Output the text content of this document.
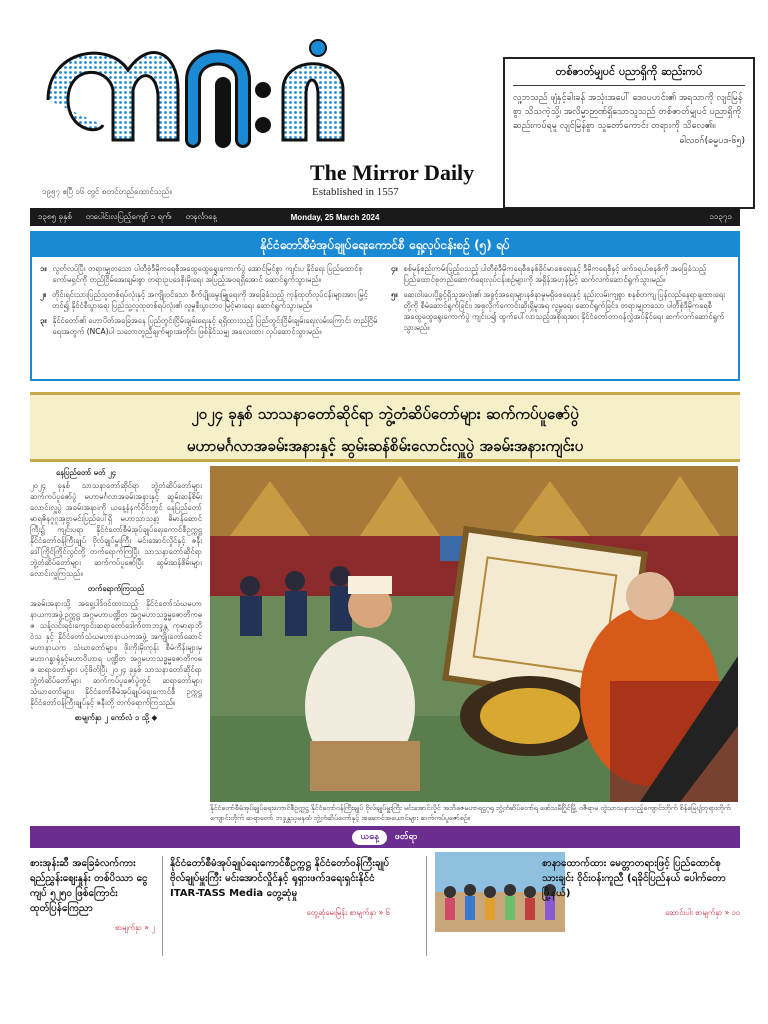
၁၉၅၇ ဧပြီ ၁၆ တွင် စတင်တည်ထောင်သည်။
The Mirror Daily
Established in 1557
တစ်ဇာတ်မျှပင် ပညာရှိကို ဆည်းကပ်
လူ့ဘသည် ဖျံနှင့်ခါးခန် အသုံးအပေါ် ဒေဝပဟင်း၏ အရသာကို လျင်မြန်စွာ သိသကဲ့သို့၊ အလိမ္မာဉာဏ်ရှိသောသူသည် တစ်ဇာတ်မျှပင် ပညာရှိကို ဆည်းကပ်ရမူ လျင်မြန်စွာ သူတော်ကောင်း တရားကို သိလေ၏။
ဓါလဝဂ်(ဓမ္မပဒ-၆၅)
၁၃၈၅ ခုနှစ် တပေါင်းလပြည့်ကျော် ၁ ရက်၊ တနင်္လာနေ့	Monday, 25 March 2024	၁၁၃၇၁
နိုင်ငံတော်စီမံအုပ်ချုပ်ရေးကောင်စီ ရှေ့လုပ်ငန်းစဉ် (၅) ရပ်
၁။ လွတ်လပ်ပြီး တရားမျှတသော ပါတီစုံဒီမိုကရေစီအထွေထွေရွေးကောက်ပွဲ အောင်မြင်စွာ ကျင်းပ နိုင်ရေး ပြည်ထောင်စုကော်မရှင်ကို တည်ငြိမ်အေးချမ်းစွာ တရားဥပဒေစိုးမိုးရေး အပြည့်အဝရရှိအောင် ဆောင်ရွက်သွားမည်။
၂။ တိုင်းရင်းသားပြည်သူတစ်ရပ်လုံးနှင့် အကျိုးဝင်သော စီက်ပျိုးမွေးမြူရေးကို အခြေခံသည့် ကုန်ထုတ်လုပ်ငန်းများအား မြှင့်တင်၍ နိုင်ငံစီးပွားရေး ပြည်သူ့လူထုတစ်ရပ်လုံး၏ လူမှုစီးပွားဘဝ မြင့်မားရေး ဆောင်ရွက်သွားမည်။
၃။ နိုင်ငံတော်၏ ဟောပိတ်အခြေအနေ ပြည်တွင်းငြိမ်းချမ်းရေးနှင့် ရရှိထားသည့် ပြည်တွင်းငြိမ်းချမ်းရေးလမ်းကြောင်း တည်ငြိမ်ရေးအတွက် (NCA)ပါ သဘောတူညီချက်များအတိုင်း ဖြစ်နိုင်သမျှ အလေးထား လုပ်ဆောင်သွားမည်။
၄။ စစ်မှန်စည်းကမ်းပြည့်ဝသည့် ပါတီစုံဒီမိုကရေစီစနစ်ခိုင်မာစေရေးနှင့် ဒီမိုကရေစီနှင့် ဖက်ဒရယ်စနစ်ကို အခြေခံသည့် ပြည်ထောင်စုတည်ဆောက်ရေးလုပ်ငန်းစဉ်များကို အရှိန်အဟုန်မြင့် ဆက်လက်ဆောင်ရွက်သွားမည်။
၅။ ဆေးဝါးပေးပို့ခွင့်ရှိသူအလုံး၏ အခွင့်အရေးများနစ်နာမှုမရှိစေရေးနှင့် နည်းလမ်းကျစွာ စနစ်တကျ ပြန်လည်နေရာချထားရေးတို့ကို စီမံဆောင်ရွက်ခြင်း၊ အစုလိုက်ကောင်းဆိုးရှိမူအရ လူမှုရေး ဆောင်ရွက်ခြင်း၊ တရားမျှတသော ပါတီစုံဒီမိုကရေစီ အထွေထွေရွေးကောက်ပွဲ ကျင်းပ၍ ထွက်ပေါ်လာသည့်အစိုးရအား နိုင်ငံတော်တာဝန်လွှဲအပ်နိုင်ရေး ဆက်လက်ဆောင်ရွက်သွားမည်။
၂၀၂၄ ခုနှစ် သာသနာတော်ဆိုင်ရာ ဘွဲ့တံဆိပ်တော်များ ဆက်ကပ်ပူဇော်ပွဲ
မဟာမင်္ဂလာအခမ်းအနားနှင့် ဆွမ်းဆန်စိမ်းလောင်းလှူပွဲ အခမ်းအနားကျင်းပ
နေပြည်တော် မတ် ၂၄

၂၀၂၄ ခုနှစ် သာသနာတော်ဆိုင်ရာ ဘွဲ့တံဆိပ်တော်များ ဆက်ကပ်ပူဇော်ပွဲ မဟာမင်္ဂလာအခမ်းအနားနှင့် ဆွမ်းဆန်စိမ်းလောင်းလှူပွဲ အခမ်းအနားကို ယနေ့နံနက်ပိုင်းတွင် နေပြည်တော် မာရဇိနဂူဂူအုဗ္ဗာမင်းပြည်ပေါ်ရှိ မဟာသာသနာ့ ဓိမာန်ဆောင်ကြီး၌ ကျင်းပရာ နိုင်ငံတော်စီမံအုပ်ချုပ်ရေးကောင်စီဥက္ကဋ္ဌ နိုင်ငံတော်ဝန်ကြီးချုပ် ဗိုလ်ချုပ်မှူးကြီး မင်းအောင်လှိုင်နှင့် ဇနီး ဒေါ်ကြိုင်ကြိုင်လွင်တို့ တက်ရောက်ကြပြီး သာသနာတော်ဆိုင်ရာ ဘွဲ့တံဆိပ်တော်များ ဆက်ကပ်ပူဇော်ပြီး ဆွမ်းဆန်စိမ်းများ လောင်းလှူကြသည်။

တက်ရောက်ကြသည်

အခမ်းအနားသို့ အရှေ့ပါဒ်ဝင်ထားသည့် နိုင်ငံတော်သံဃမဟာနာယကအဖွဲ့ဥက္ကဋ္ဌ အဂ္ဂမဟာပဏ္ဍိတ အဂ္ဂမဟာသဒ္ဓမ္မဇောတိကဓဇ သန့်လင်းရင်းကျောင်းဆရာတော်ဒေါက်တာဘဒ္ဒန္တ ကုမာရာဘိဝံသ နှင့် နိုင်ငံတော်သံဃမဟာနာယကအဖွဲ့ အကျိုးတော်ဆောင် မဟာနာယက သံဃာတော်များ၊ ဖိုးကိုးမိုးကုန်း စီမံကိန်းများမှ မဟာဂန္ဓာရုံနှင့်မဟာဝိဟာရ ပဏ္ဍိတ အဂ္ဂမဟာသဒ္ဓမ္မဇောတိကဓဇ ဆရာတော်များ ပင့်ဖိတ်ပြီး ၂၀၂၄ ခုနှစ် သာသနာတော်ဆိုင်ရာ ဘွဲ့တံဆိပ်တော်များ ဆက်ကပ်ပူဇော်ပွဲတွင် ဆရာတော်များ သံဃာတော်များ၊ နိုင်ငံတော်စီမံအုပ်ချုပ်ရေးကောင်စီ ဥက္ကဋ္ဌ နိုင်ငံတော်ဝန်ကြီးချုပ်နှင့် ဇနီးတို့ တက်ရောက်ကြသည်။

စာမျက်နှာ ၂ ကော်လံ ၁ သို့ ◆
နိုင်ငံတော်စီမံအုပ်ချုပ်ရေးကောင်စီဥက္ကဋ္ဌ နိုင်ငံတော်ဝန်ကြီးချုပ် ဗိုလ်ချုပ်မှူးကြီး မင်းအောင်လှိုင် အဘိဓဇမဟာရဋ္ဌဂုရု ဘွဲ့တံဆိပ်တော်ရ ဖော်သမီဂြိုင်မြို့ ဝဇီရာမ တွဲသာသနာသည့်ကျောင်းတိုက် စိန်မြေပျံဘုရားတိုက်ကျောင်းတိုက် ဆရာတော် ဘဒ္ဒန္တသုမနထံ ဘွဲ့တံဆိပ်တော်နှင့် အဆောင်အယောင်များ ဆက်ကပ်ပူဇော်စဉ်။
ယနေ့	ဖတ်ရာ
စားအုန်းဆီ အခြေခံလက်ကား ရည်ညွှန်းဈေးနှုန်း တစ်ပိဿာ ငွေကျပ် ၅၂၅၀ ဖြစ်ကြောင်း ထုတ်ပြန်ကြေညာ
စာမျက်နှာ » ၂
နိုင်ငံတော်စီမံအုပ်ချုပ်ရေးကောင်စီဥက္ကဋ္ဌ နိုင်ငံတော်ဝန်ကြီးချုပ် ဗိုလ်ချုပ်မှူးကြီး မင်းအောင်လှိုင်နှင့် ရုရှားဖက်ဒရေးရှင်းနိုင်ငံ ITAR-TASS Media တွေ့ဆုံမှု
တွေ့ဆုံမေးမြန်း စာမျက်နှာ » ၆
စာနာထောက်ထား မေတ္တာတရားဖြင့် ပြည်ထောင်စုသားချင်း ဝိုင်းဝန်းကူညီ (ရခိုင်ပြည်နယ် ပေါက်တောမြို့နယ်)
ဆောင်းပါး စာမျက်နှာ » ၁၀
